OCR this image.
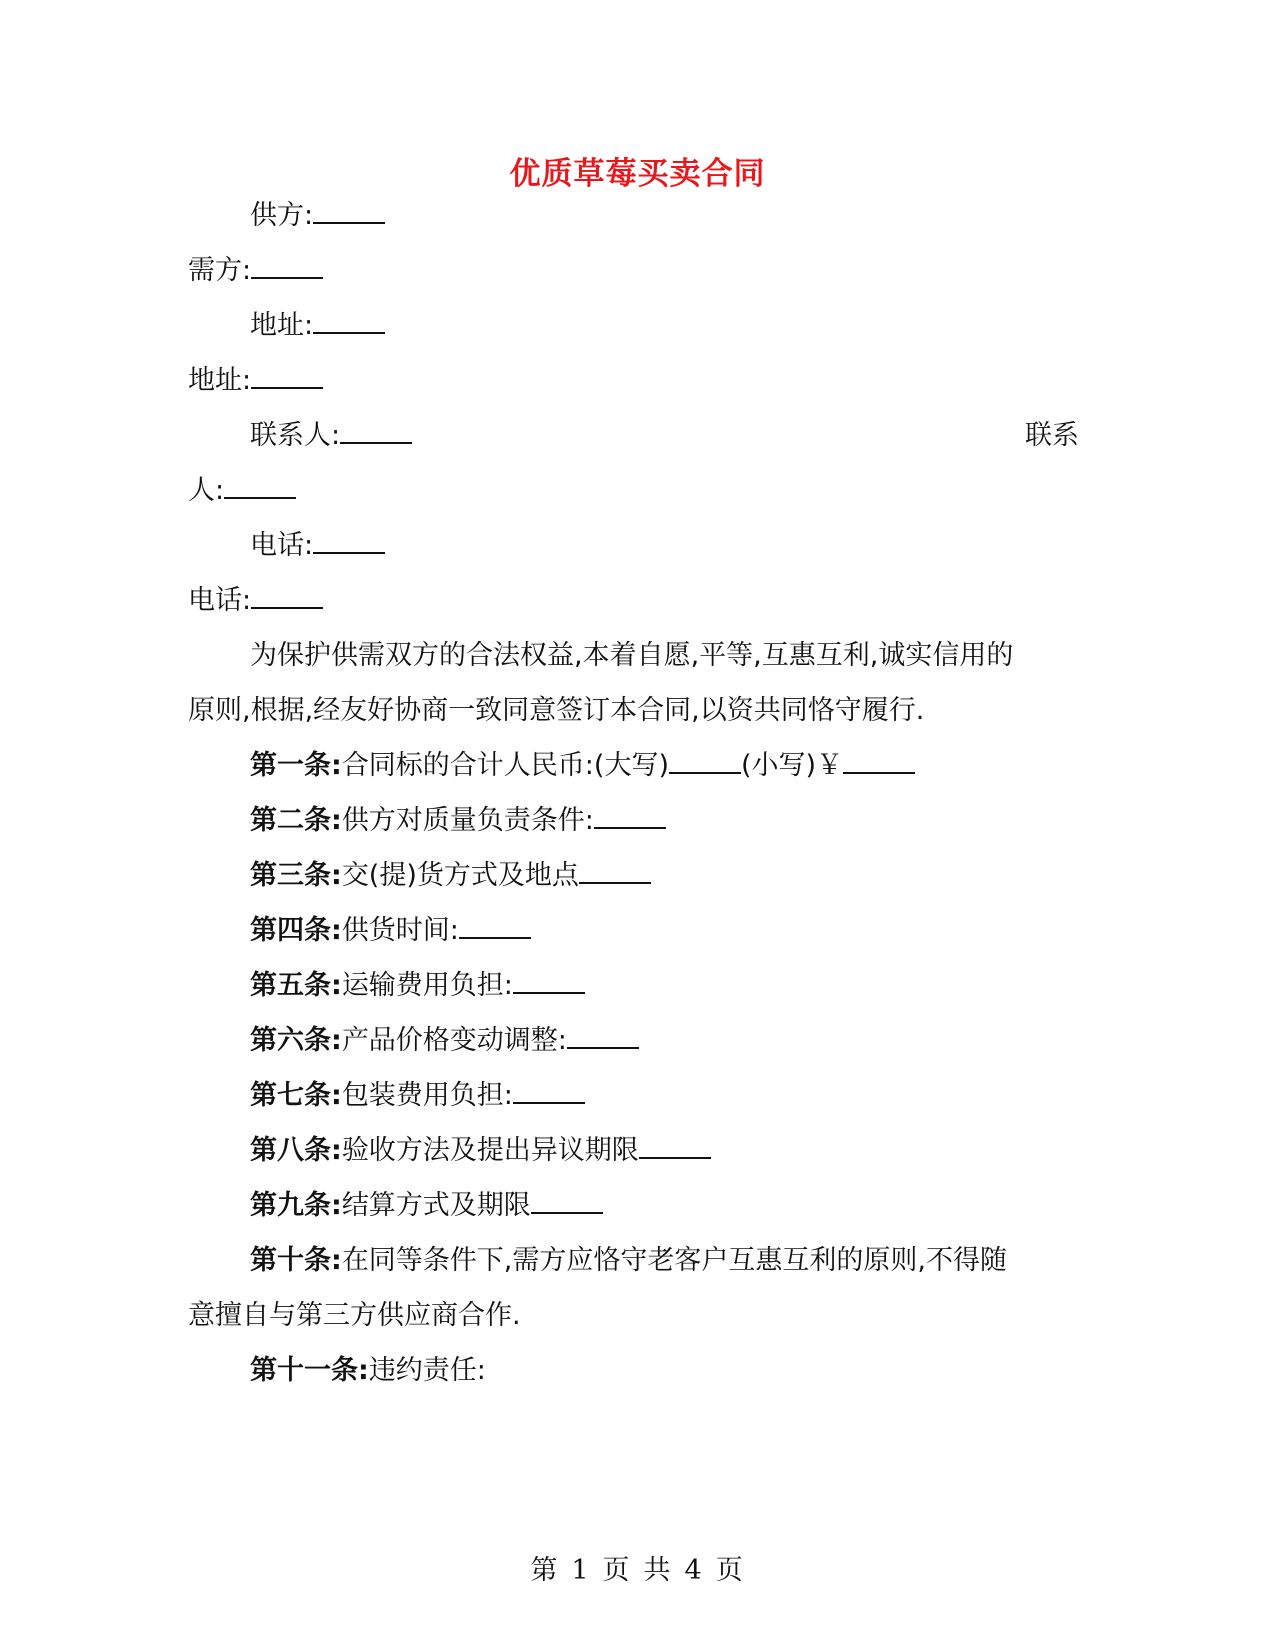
优质草莓买卖合同
供方:
需方:
地址:
地址:
联系人:	联系
人:
电话:
电话:
为保护供需双方的合法权益,本着自愿,平等,互惠互利,诚实信用的
原则,根据,经友好协商一致同意签订本合同,以资共同恪守履行.
第一条:合同标的合计人民币:(大写)	(小写)￥
第二条:供方对质量负责条件:
第三条:交(提)货方式及地点
第四条:供货时间:
第五条:运输费用负担:
第六条:产品价格变动调整:
第七条:包装费用负担:
第八条:验收方法及提出异议期限
第九条:结算方式及期限
第十条:在同等条件下,需方应恪守老客户互惠互利的原则,不得随
意擅自与第三方供应商合作.
第十一条:违约责任:
第 1 页 共 4 页
